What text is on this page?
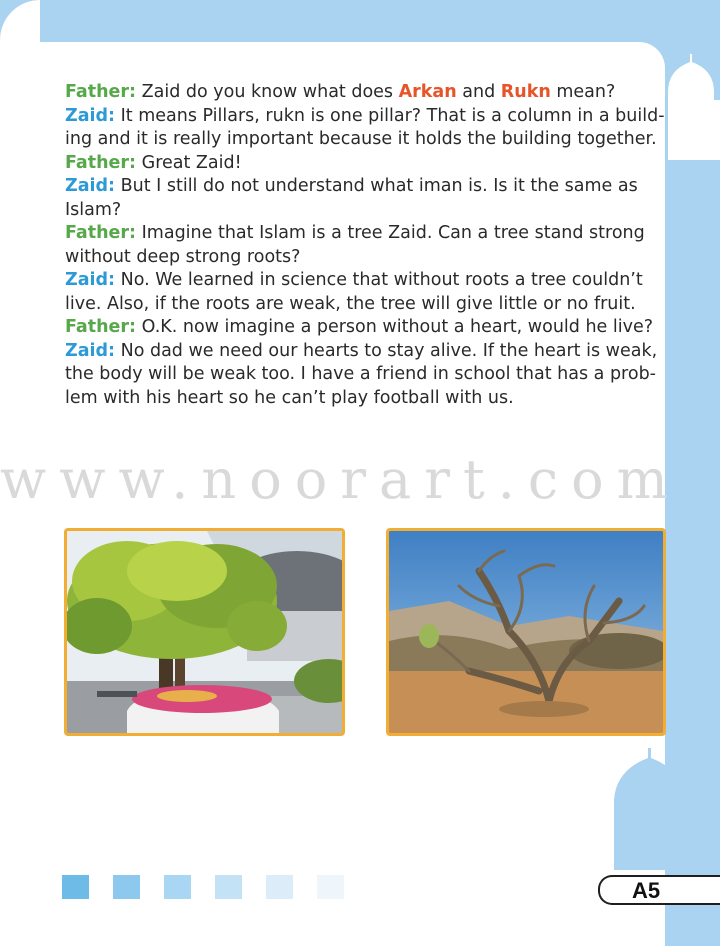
Father: Zaid do you know what does Arkan and Rukn mean?
Zaid: It means Pillars, rukn is one pillar? That is a column in a build-
ing and it is really important because it holds the building together.
Father: Great Zaid!
Zaid: But I still do not understand what iman is. Is it the same as
Islam?
Father: Imagine that Islam is a tree Zaid. Can a tree stand strong
without deep strong roots?
Zaid: No. We learned in science that without roots a tree couldn’t
live. Also, if the roots are weak, the tree will give little or no fruit.
Father: O.K. now imagine a person without a heart, would he live?
Zaid: No dad we need our hearts to stay alive. If the heart is weak,
the body will be weak too. I have a friend in school that has a prob-
lem with his heart so he can’t play football with us.
www.noorart.com
A5
